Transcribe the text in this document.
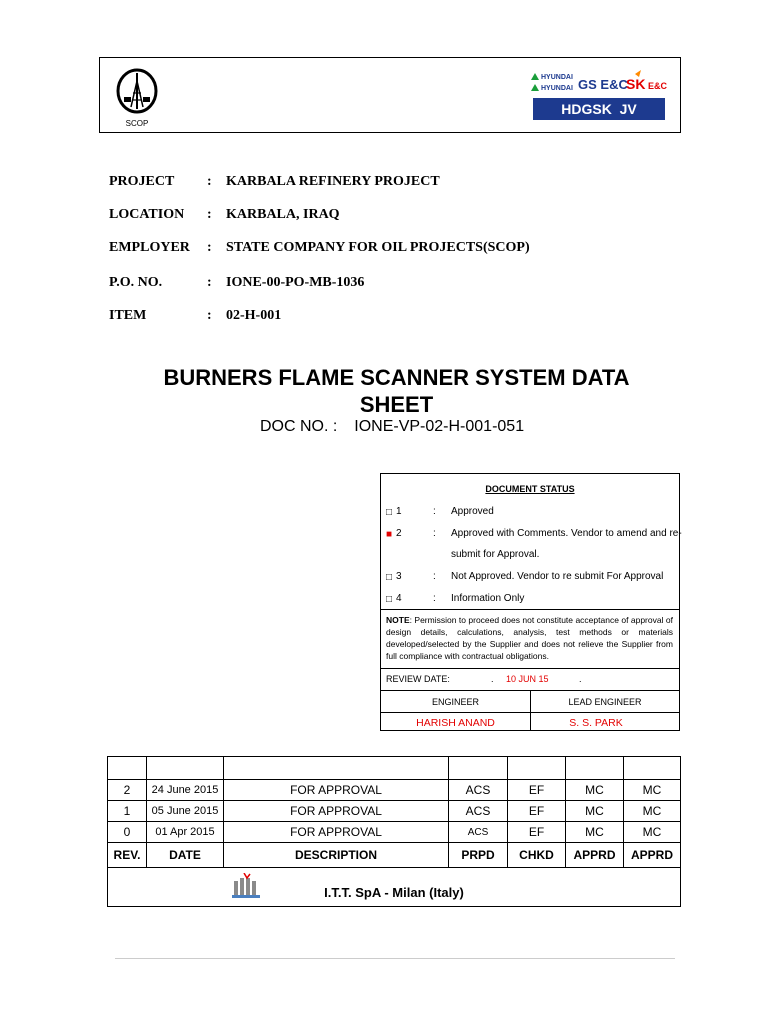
SCOP
HYUNDAI
HYUNDAI GS E&C
SK E&C
HDGSK  JV
PROJECT	: KARBALA REFINERY PROJECT
LOCATION	: KARBALA, IRAQ
EMPLOYER	: STATE COMPANY FOR OIL PROJECTS(SCOP)
P.O. NO.	: IONE-00-PO-MB-1036
ITEM	: 02-H-001
BURNERS FLAME SCANNER SYSTEM DATA
SHEET
DOC NO. : IONE-VP-02-H-001-051
DOCUMENT STATUS
□ 1	: Approved
■ 2	: Approved with Comments. Vendor to amend and re-
submit for Approval.
□ 3	: Not Approved. Vendor to re submit For Approval
□ 4	: Information Only
NOTE: Permission to proceed does not constitute acceptance of approval of design details, calculations, analysis, test methods or materials developed/selected by the Supplier and does not relieve the Supplier from full compliance with contractual obligations.
REVIEW DATE:	. 10 JUN 15	.
ENGINEER	LEAD ENGINEER
HARISH ANAND	S. S. PARK

2	24 June 2015	FOR APPROVAL	ACS	EF	MC	MC
1	05 June 2015	FOR APPROVAL	ACS	EF	MC	MC
0	01 Apr 2015	FOR APPROVAL	ACS	EF	MC	MC
REV.	DATE	DESCRIPTION	PRPD	CHKD	APPRD	APPRD

I.T.T. SpA - Milan (Italy)						
